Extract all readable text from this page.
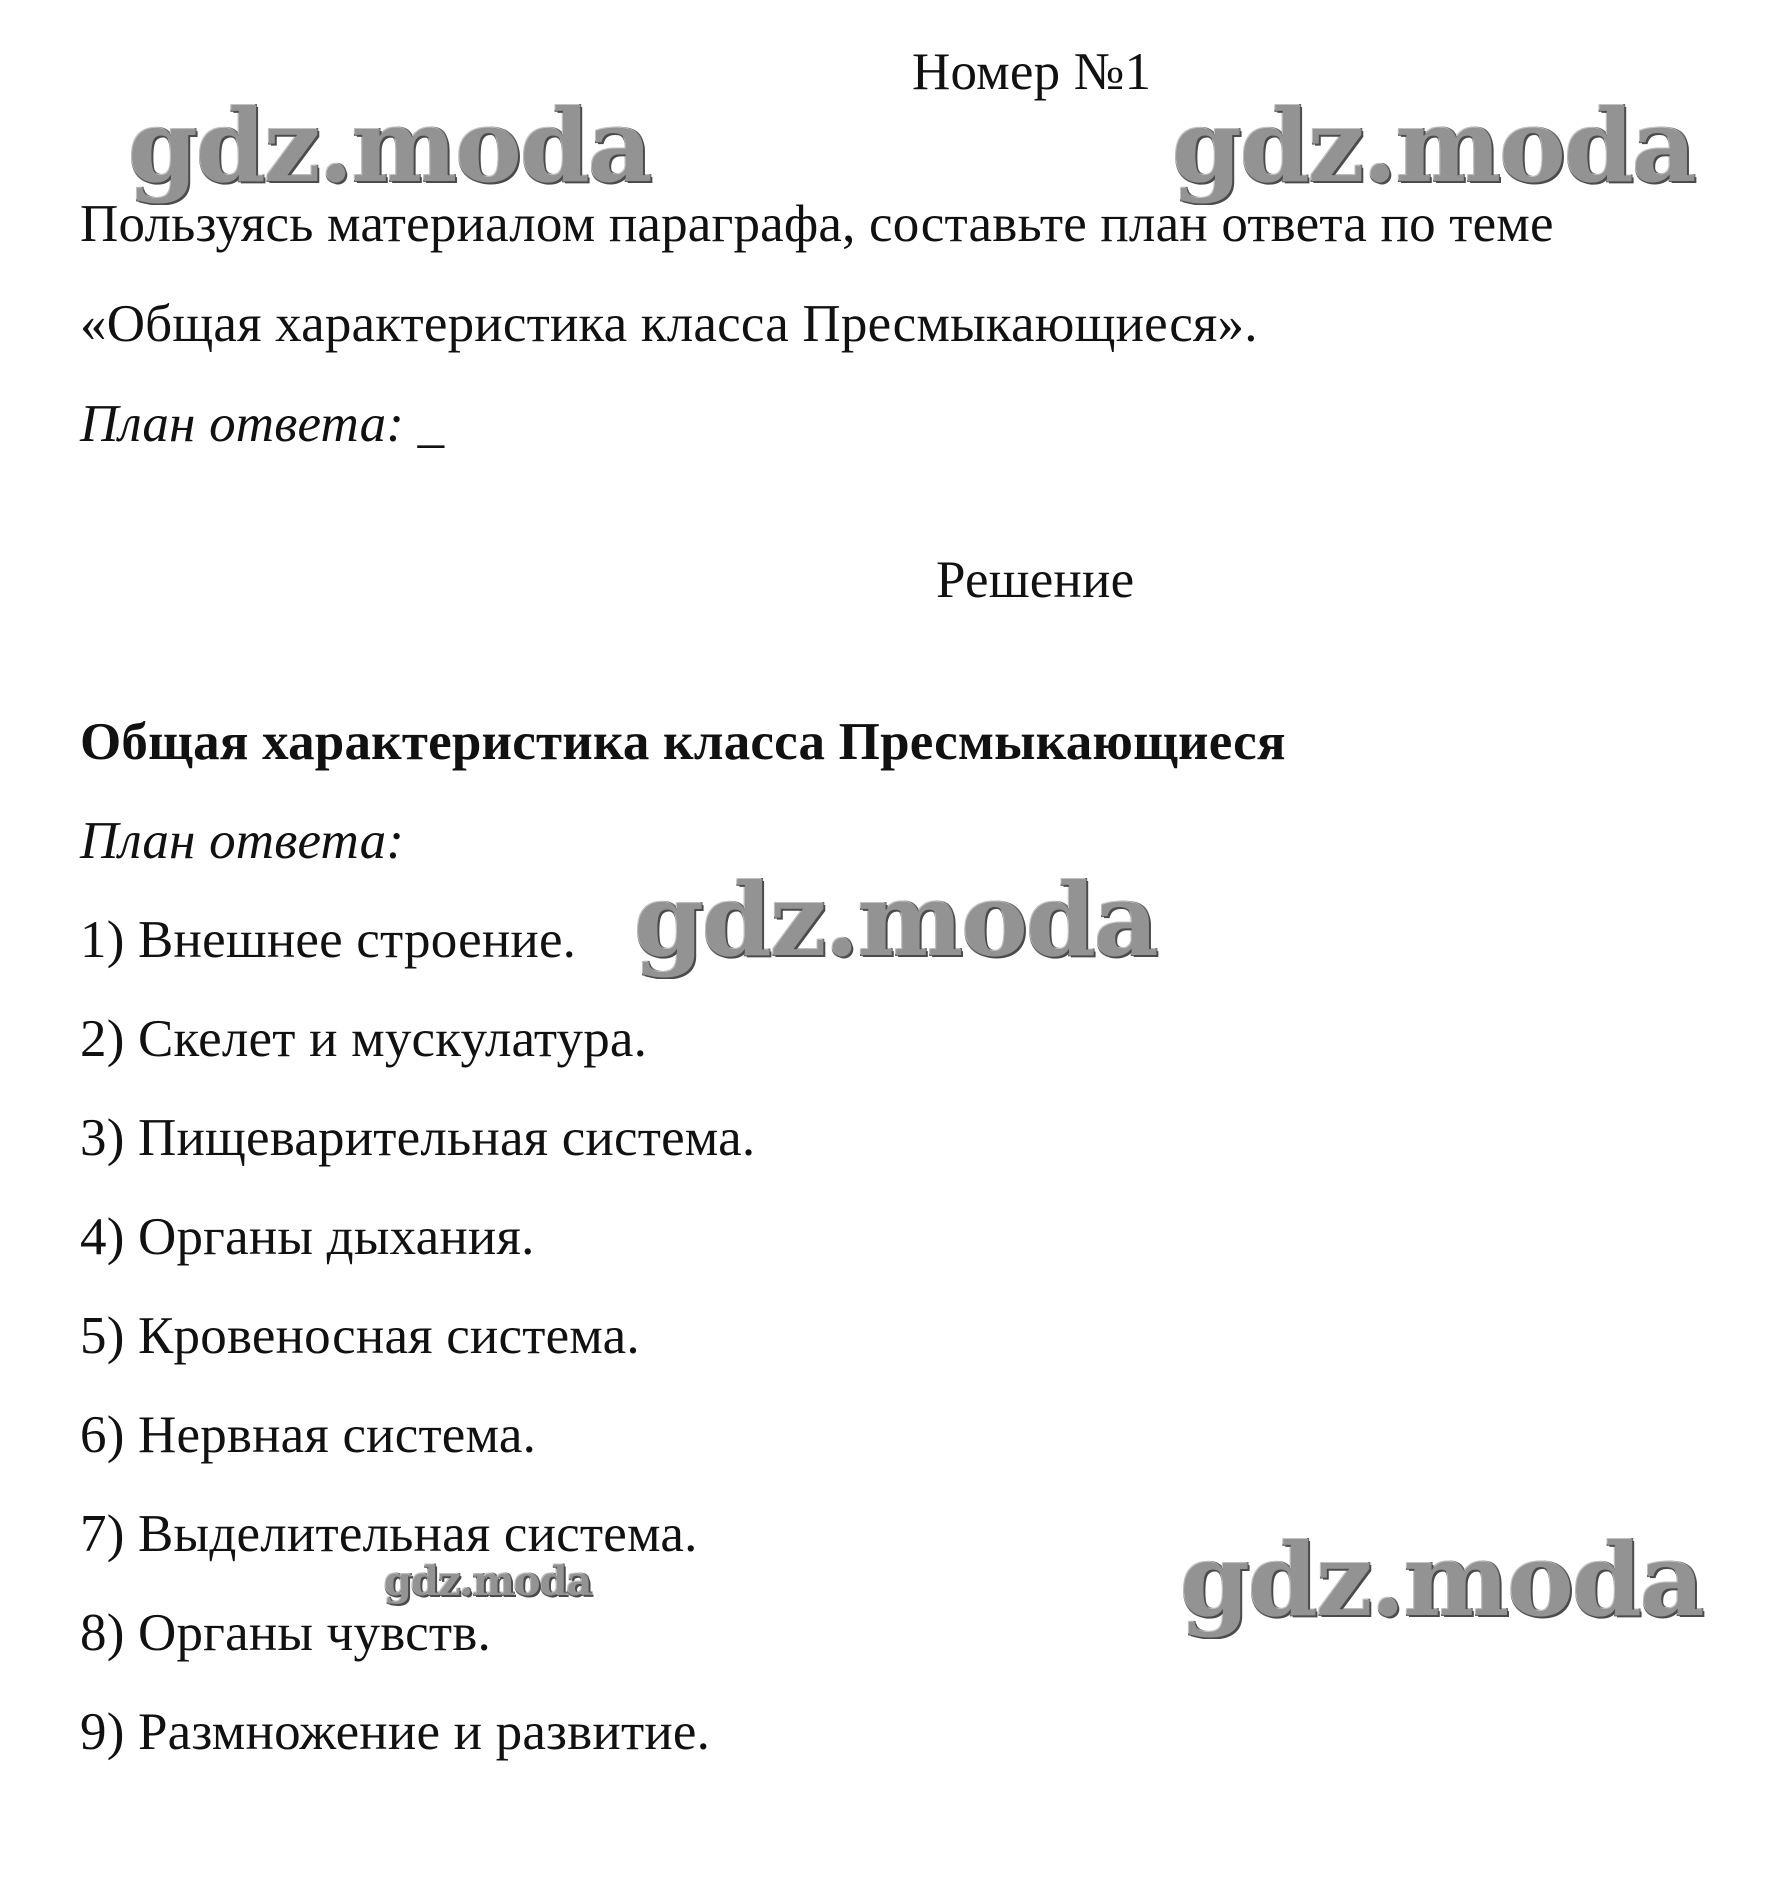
Номер №1
Пользуясь материалом параграфа, составьте план ответа по теме
«Общая характеристика класса Пресмыкающиеся».
План ответа: _
Решение
Общая характеристика класса Пресмыкающиеся
План ответа:
1) Внешнее строение.
2) Скелет и мускулатура.
3) Пищеварительная система.
4) Органы дыхания.
5) Кровеносная система.
6) Нервная система.
7) Выделительная система.
8) Органы чувств.
9) Размножение и развитие.
gdz.moda	gdz.moda
gdz.moda
gdz.moda	gdz.moda
